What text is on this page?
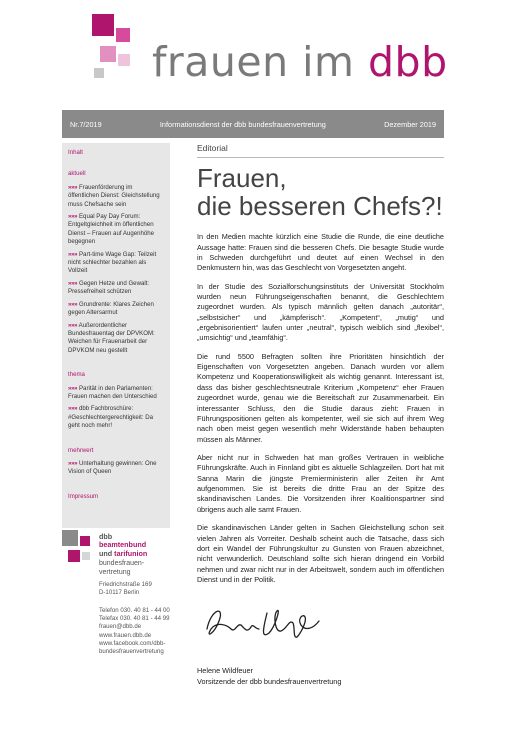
frauen im dbb
Nr.7/2019	Informationsdienst der dbb bundesfrauenvertretung	Dezember 2019
Inhalt
aktuell
»»» Frauenförderung im öffentlichen Dienst: Gleichstellung muss Chefsache sein
»»» Equal Pay Day Forum: Entgeltgleichheit im öffentlichen Dienst – Frauen auf Augenhöhe begegnen
»»» Part-time Wage Gap: Teilzeit nicht schlechter bezahlen als Vollzeit
»»» Gegen Hetze und Gewalt: Pressefreiheit schützen
»»» Grundrente: Klares Zeichen gegen Altersarmut
»»» Außerordentlicher Bundesfrauentag der DPVKOM: Weichen für Frauenarbeit der DPVKOM neu gestellt
thema
»»» Parität in den Parlamenten: Frauen machen den Unterschied
»»» dbb Fachbroschüre: #Geschlechtergerechtigkeit: Da geht noch mehr!
mehrwert
»»» Unterhaltung gewinnen: One Vision of Queen
Impressum
dbb
beamtenbund
und tarifunion
bundesfrauen-
vertretung
Friedrichstraße 169
D-10117 Berlin
Telefon 030. 40 81 - 44 00
Telefax 030. 40 81 - 44 99
frauen@dbb.de
www.frauen.dbb.de
www.facebook.com/dbb-
bundesfrauenvertretung
Editorial
Frauen,
die besseren Chefs?!

In den Medien machte kürzlich eine Studie die Runde, die eine deutliche Aussage hatte: Frauen sind die besseren Chefs. Die besagte Studie wurde in Schweden durchgeführt und deutet auf einen Wechsel in den Denkmustern hin, was das Geschlecht von Vorgesetzten angeht.

In der Studie des Sozialforschungsinstituts der Universität Stockholm wurden neun Führungseigenschaften benannt, die Geschlechtern zugeordnet wurden. Als typisch männlich gelten danach „autoritär“, „selbstsicher“ und „kämpferisch“. „Kompetent“, „mutig“ und „ergebnisorientiert“ laufen unter „neutral“, typisch weiblich sind „flexibel“, „umsichtig“ und „teamfähig“.

Die rund 5500 Befragten sollten ihre Prioritäten hinsichtlich der Eigenschaften von Vorgesetzten angeben. Danach wurden vor allem Kompetenz und Kooperationswilligkeit als wichtig genannt. Interessant ist, dass das bisher geschlechtsneutrale Kriterium „Kompetenz“ eher Frauen zugeordnet wurde, genau wie die Bereitschaft zur Zusammenarbeit. Ein interessanter Schluss, den die Studie daraus zieht: Frauen in Führungspositionen gelten als kompetenter, weil sie sich auf ihrem Weg nach oben meist gegen wesentlich mehr Widerstände haben behaupten müssen als Männer.

Aber nicht nur in Schweden hat man großes Vertrauen in weibliche Führungskräfte. Auch in Finnland gibt es aktuelle Schlagzeilen. Dort hat mit Sanna Marin die jüngste Premierministerin aller Zeiten ihr Amt aufgenommen. Sie ist bereits die dritte Frau an der Spitze des skandinavischen Landes. Die Vorsitzenden ihrer Koalitionspartner sind übrigens auch alle samt Frauen.

Die skandinavischen Länder gelten in Sachen Gleichstellung schon seit vielen Jahren als Vorreiter. Deshalb scheint auch die Tatsache, dass sich dort ein Wandel der Führungskultur zu Gunsten von Frauen abzeichnet, nicht verwunderlich. Deutschland sollte sich hieran dringend ein Vorbild nehmen und zwar nicht nur in der Arbeitswelt, sondern auch im öffentlichen Dienst und in der Politik.

Helene Wildfeuer
Vorsitzende der dbb bundesfrauenvertretung
